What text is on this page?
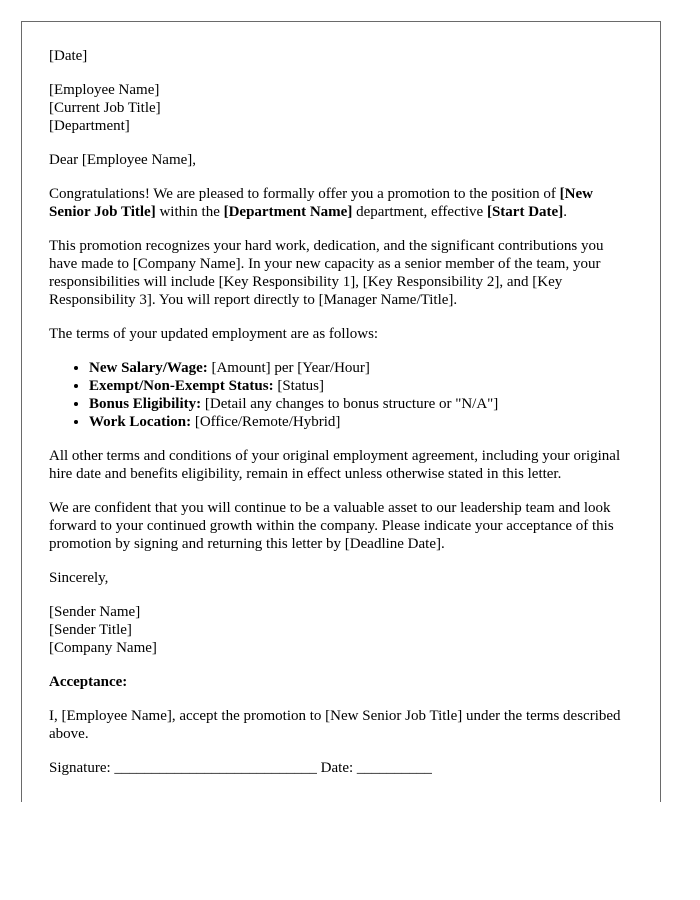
[Date]

[Employee Name]
[Current Job Title]
[Department]

Dear [Employee Name],

Congratulations! We are pleased to formally offer you a promotion to the position of [New Senior Job Title] within the [Department Name] department, effective [Start Date].

This promotion recognizes your hard work, dedication, and the significant contributions you have made to [Company Name]. In your new capacity as a senior member of the team, your responsibilities will include [Key Responsibility 1], [Key Responsibility 2], and [Key Responsibility 3]. You will report directly to [Manager Name/Title].

The terms of your updated employment are as follows:

• New Salary/Wage: [Amount] per [Year/Hour]
• Exempt/Non-Exempt Status: [Status]
• Bonus Eligibility: [Detail any changes to bonus structure or "N/A"]
• Work Location: [Office/Remote/Hybrid]

All other terms and conditions of your original employment agreement, including your original hire date and benefits eligibility, remain in effect unless otherwise stated in this letter.

We are confident that you will continue to be a valuable asset to our leadership team and look forward to your continued growth within the company. Please indicate your acceptance of this promotion by signing and returning this letter by [Deadline Date].

Sincerely,

[Sender Name]
[Sender Title]
[Company Name]

Acceptance:

I, [Employee Name], accept the promotion to [New Senior Job Title] under the terms described above.

Signature: ___________________________ Date: __________
